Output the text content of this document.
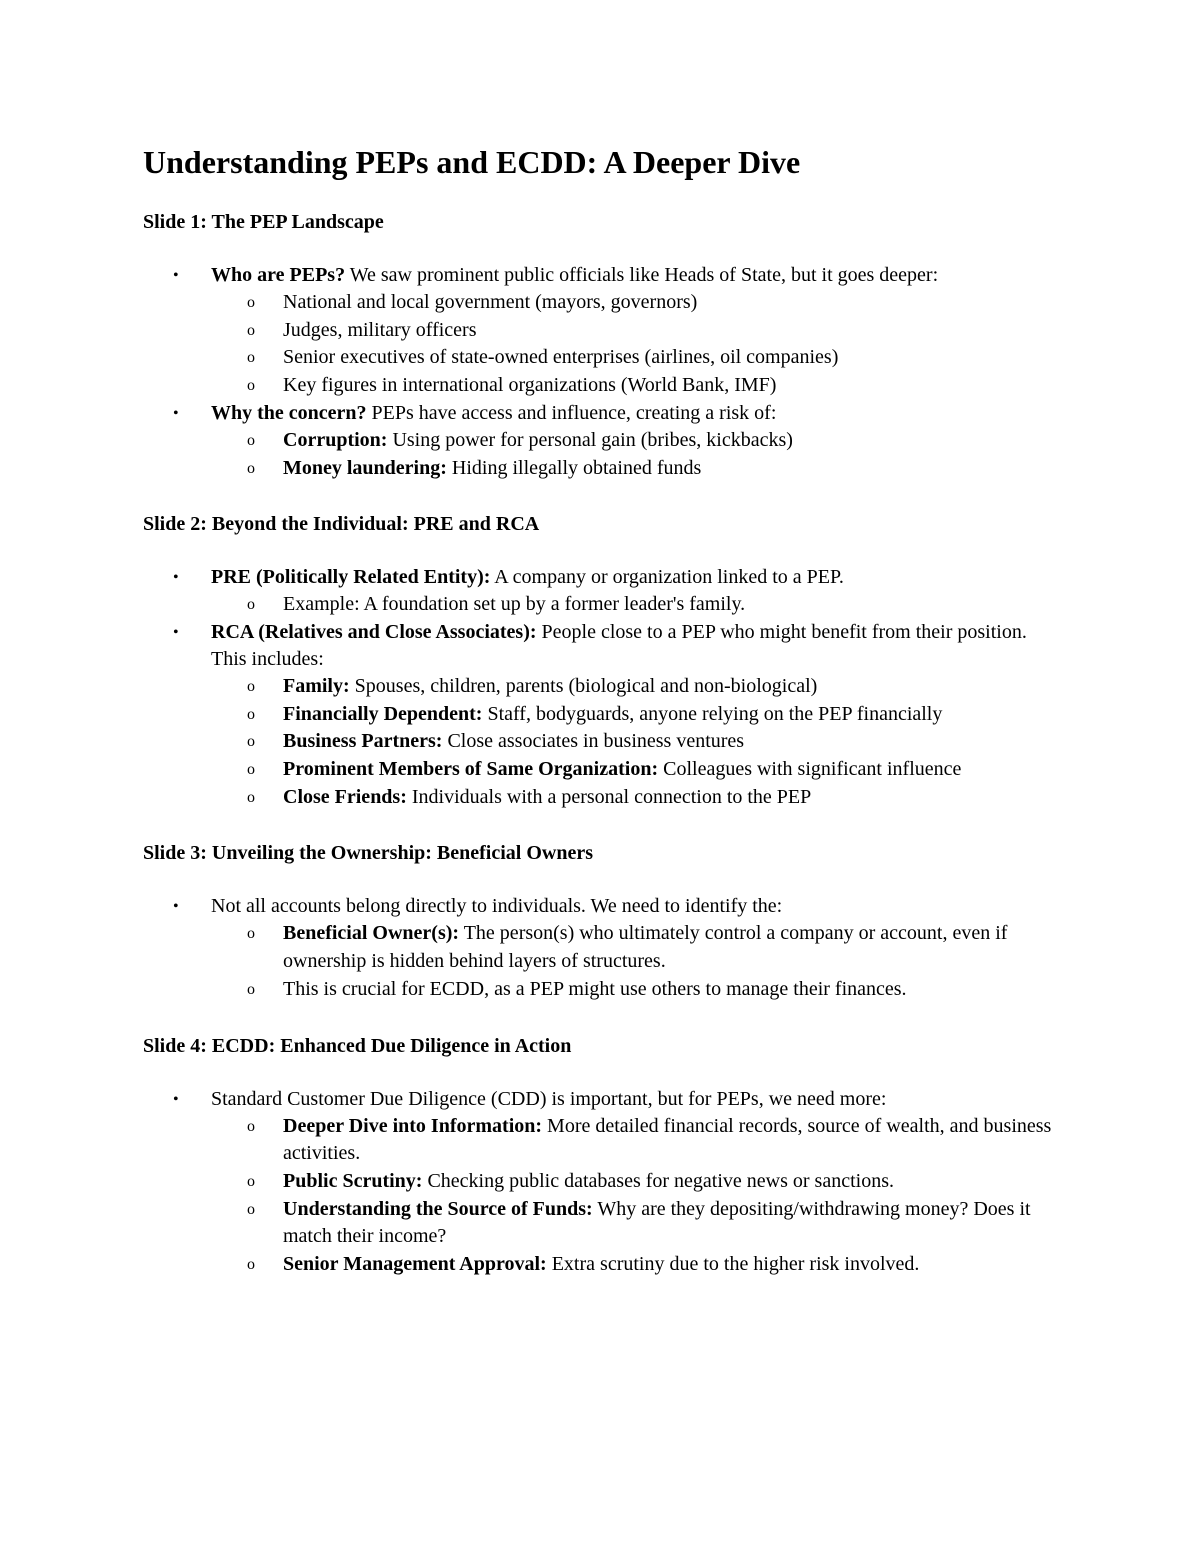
Understanding PEPs and ECDD: A Deeper Dive
Slide 1: The PEP Landscape
• Who are PEPs? We saw prominent public officials like Heads of State, but it goes deeper:
o National and local government (mayors, governors)
o Judges, military officers
o Senior executives of state-owned enterprises (airlines, oil companies)
o Key figures in international organizations (World Bank, IMF)
• Why the concern? PEPs have access and influence, creating a risk of:
o Corruption: Using power for personal gain (bribes, kickbacks)
o Money laundering: Hiding illegally obtained funds
Slide 2: Beyond the Individual: PRE and RCA
• PRE (Politically Related Entity): A company or organization linked to a PEP.
o Example: A foundation set up by a former leader's family.
• RCA (Relatives and Close Associates): People close to a PEP who might benefit from their position. This includes:
o Family: Spouses, children, parents (biological and non-biological)
o Financially Dependent: Staff, bodyguards, anyone relying on the PEP financially
o Business Partners: Close associates in business ventures
o Prominent Members of Same Organization: Colleagues with significant influence
o Close Friends: Individuals with a personal connection to the PEP
Slide 3: Unveiling the Ownership: Beneficial Owners
• Not all accounts belong directly to individuals. We need to identify the:
o Beneficial Owner(s): The person(s) who ultimately control a company or account, even if ownership is hidden behind layers of structures.
o This is crucial for ECDD, as a PEP might use others to manage their finances.
Slide 4: ECDD: Enhanced Due Diligence in Action
• Standard Customer Due Diligence (CDD) is important, but for PEPs, we need more:
o Deeper Dive into Information: More detailed financial records, source of wealth, and business activities.
o Public Scrutiny: Checking public databases for negative news or sanctions.
o Understanding the Source of Funds: Why are they depositing/withdrawing money? Does it match their income?
o Senior Management Approval: Extra scrutiny due to the higher risk involved.
